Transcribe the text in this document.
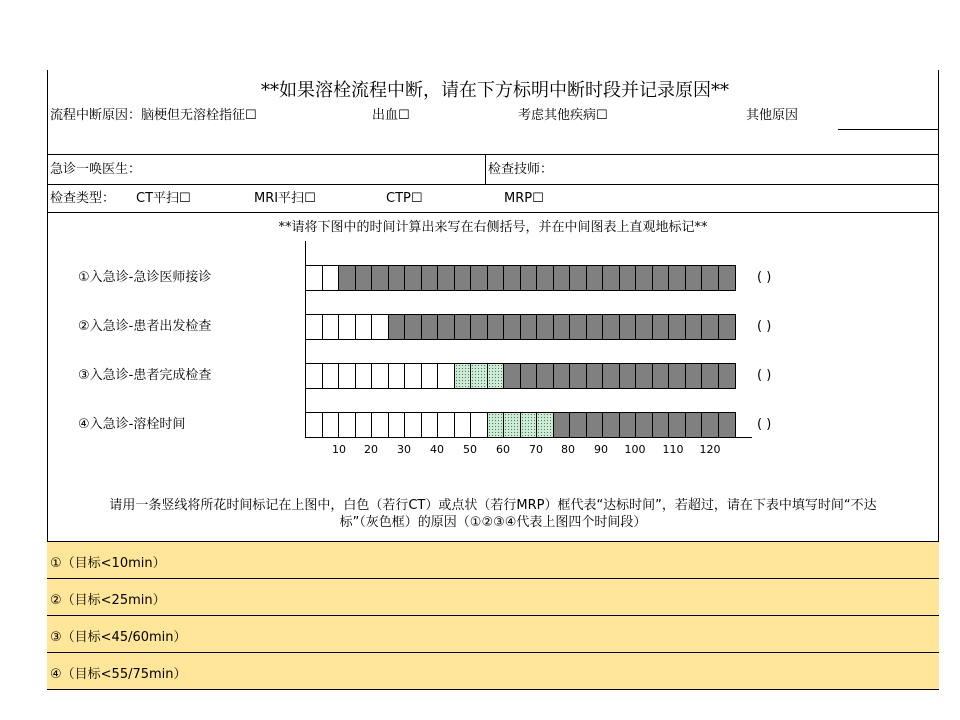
**如果溶栓流程中断，请在下方标明中断时段并记录原因**
流程中断原因：脑梗但无溶栓指征☐	出血☐	考虑其他疾病☐	其他原因
急诊一唤医生：	检查技师：
检查类型： CT平扫☐	MRI平扫☐	CTP☐	MRP☐
**请将下图中的时间计算出来写在右侧括号，并在中间图表上直观地标记**
①入急诊-急诊医师接诊
②入急诊-患者出发检查
③入急诊-患者完成检查
④入急诊-溶栓时间
( )
( )
( )
( )
10	20	30	40	50	60	70	80	90	100	110	120
请用一条竖线将所花时间标记在上图中，白色（若行CT）或点状（若行MRP）框代表“达标时间”，若超过，请在下表中填写时间“不达
标”（灰色框）的原因（①②③④代表上图四个时间段）
①（目标<10min）
②（目标<25min）
③（目标<45/60min）
④（目标<55/75min）
